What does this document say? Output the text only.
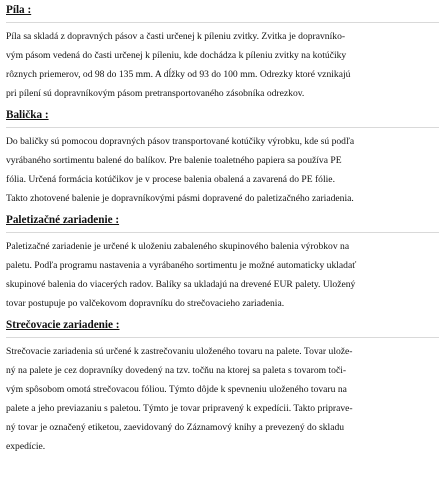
Píla :
Píla sa skladá z dopravných pásov a časti určenej k píleniu zvitky. Zvitka je dopravníko-
vým pásom vedená do časti určenej k píleniu, kde dochádza k píleniu zvitky na kotúčiky
rôznych priemerov, od 98 do 135 mm. A dĺžky od 93 do 100 mm. Odrezky ktoré vznikajú
pri pílení sú dopravníkovým pásom pretransportovaného zásobníka odrezkov.
Balička :
Do baličky sú pomocou dopravných pásov transportované kotúčiky výrobku, kde sú podľa
vyrábaného sortimentu balené do balíkov. Pre balenie toaletného papiera sa používa PE
fólia. Určená formácia kotúčikov je v procese balenia obalená a zavarená do PE fólie.
Takto zhotovené balenie je dopravníkovými pásmi dopravené do paletizačného zariadenia.
Paletizačné zariadenie :
Paletizačné zariadenie je určené k uloženiu zabaleného skupinového balenia výrobkov na
paletu. Podľa programu nastavenia a vyrábaného sortimentu je možné automaticky ukladať
skupinové balenia do viacerých radov. Balíky sa ukladajú na drevené EUR palety. Uložený
tovar postupuje po valčekovom dopravníku do strečovacieho zariadenia.
Strečovacie zariadenie :
Strečovacie zariadenia sú určené k zastrečovaniu uloženého tovaru na palete. Tovar ulože-
ný na palete je cez dopravníky dovedený na tzv. točňu na ktorej sa paleta s tovarom toči-
vým spôsobom omotá strečovacou fóliou. Týmto dôjde k spevneniu uloženého tovaru na
palete a jeho previazaniu s paletou. Týmto je tovar pripravený k expedícii. Takto priprave-
ný tovar je označený etiketou, zaevidovaný do Záznamový knihy a prevezený do skladu
expedície.
